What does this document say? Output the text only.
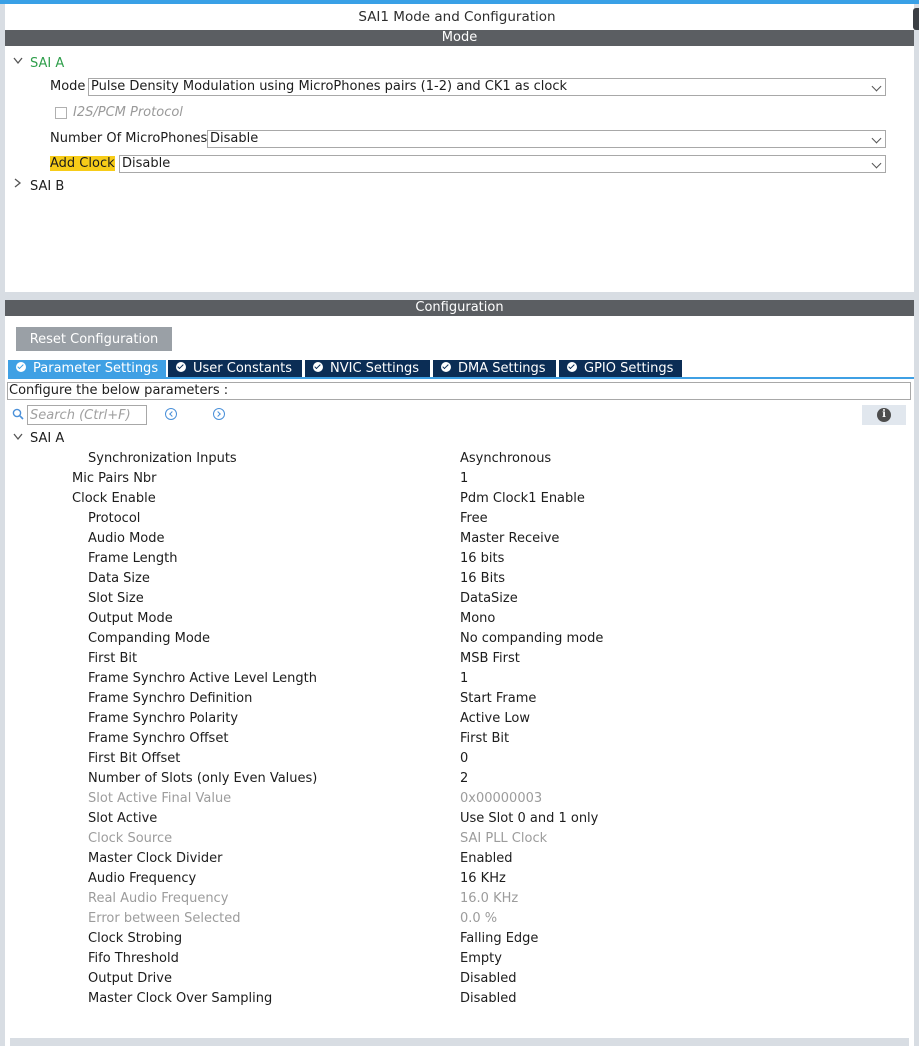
SAI1 Mode and Configuration
Mode
SAI A
Mode Pulse Density Modulation using MicroPhones pairs (1-2) and CK1 as clock
I2S/PCM Protocol
Number Of MicroPhones Disable
Add Clock Disable
SAI B
Configuration
Reset Configuration
Parameter Settings	User Constants	NVIC Settings	DMA Settings	GPIO Settings
Configure the below parameters :
Search (Ctrl+F)
i
SAI A
Synchronization Inputs	Asynchronous
Mic Pairs Nbr	1
Clock Enable	Pdm Clock1 Enable
Protocol	Free
Audio Mode	Master Receive
Frame Length	16 bits
Data Size	16 Bits
Slot Size	DataSize
Output Mode	Mono
Companding Mode	No companding mode
First Bit	MSB First
Frame Synchro Active Level Length	1
Frame Synchro Definition	Start Frame
Frame Synchro Polarity	Active Low
Frame Synchro Offset	First Bit
First Bit Offset	0
Number of Slots (only Even Values)	2
Slot Active Final Value	0x00000003
Slot Active	Use Slot 0 and 1 only
Clock Source	SAI PLL Clock
Master Clock Divider	Enabled
Audio Frequency	16 KHz
Real Audio Frequency	16.0 KHz
Error between Selected	0.0 %
Clock Strobing	Falling Edge
Fifo Threshold	Empty
Output Drive	Disabled
Master Clock Over Sampling	Disabled
